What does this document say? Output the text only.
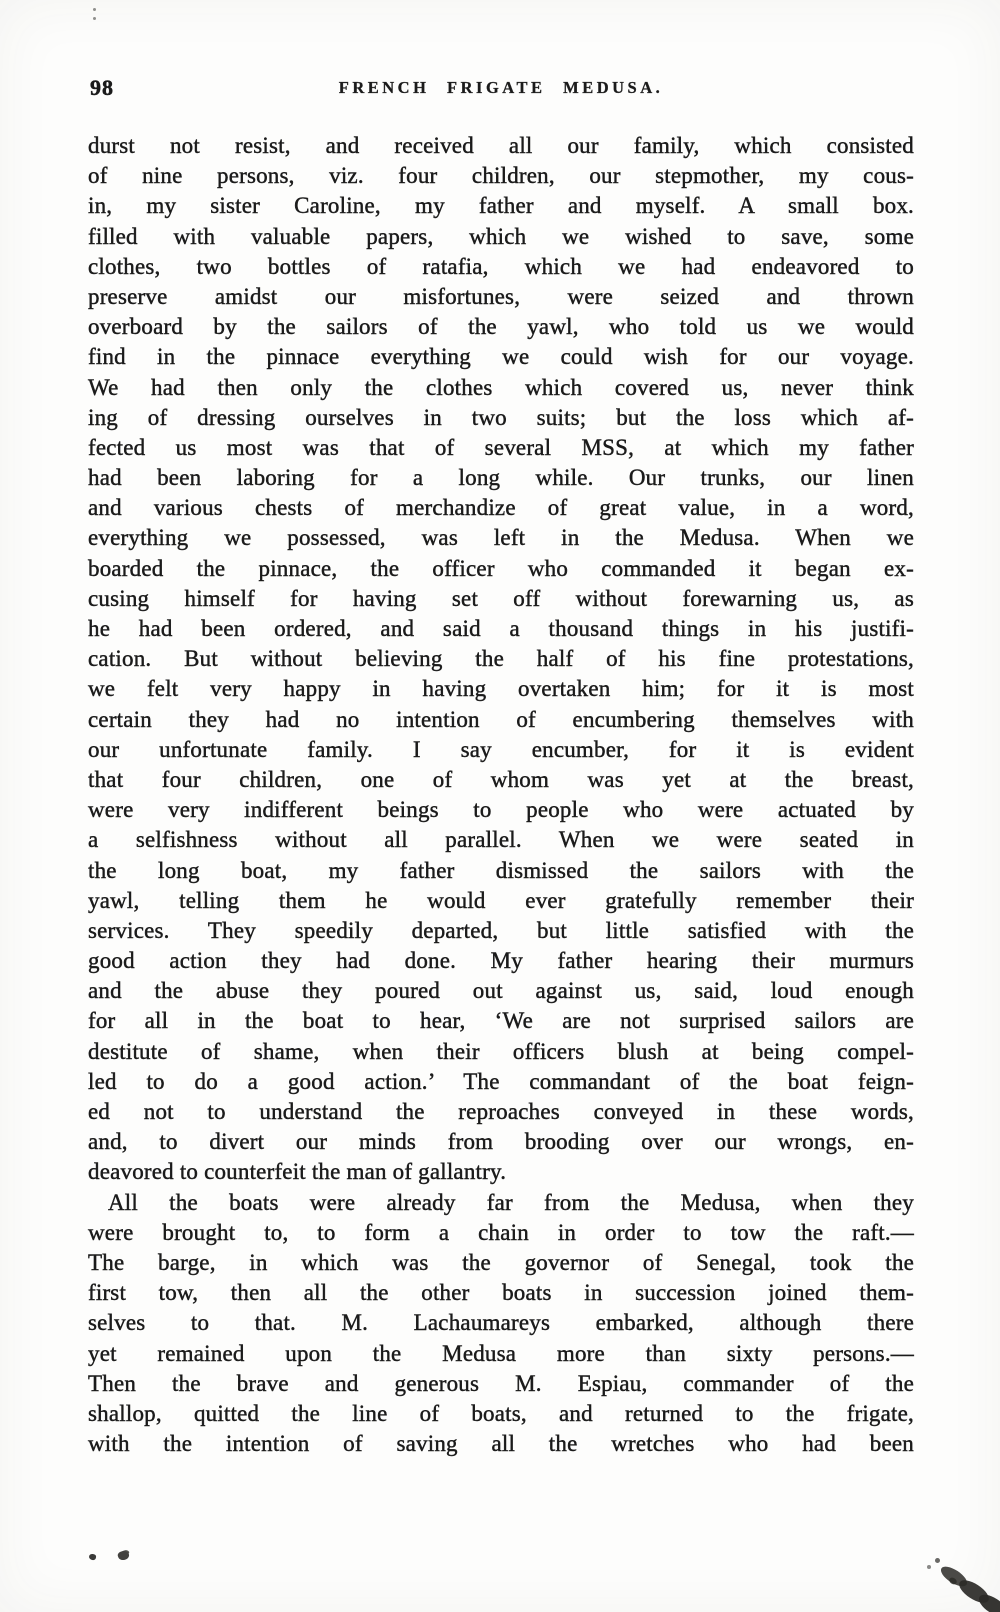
98	FRENCH FRIGATE MEDUSA.
durst not resist, and received all our family, which consisted
of nine persons, viz. four children, our stepmother, my cous-
in, my sister Caroline, my father and myself. A small box.
filled with valuable papers, which we wished to save, some
clothes, two bottles of ratafia, which we had endeavored to
preserve amidst our misfortunes, were seized and thrown
overboard by the sailors of the yawl, who told us we would
find in the pinnace everything we could wish for our voyage.
We had then only the clothes which covered us, never think
ing of dressing ourselves in two suits; but the loss which af-
fected us most was that of several MSS, at which my father
had been laboring for a long while. Our trunks, our linen
and various chests of merchandize of great value, in a word,
everything we possessed, was left in the Medusa. When we
boarded the pinnace, the officer who commanded it began ex-
cusing himself for having set off without forewarning us, as
he had been ordered, and said a thousand things in his justifi-
cation. But without believing the half of his fine protestations,
we felt very happy in having overtaken him; for it is most
certain they had no intention of encumbering themselves with
our unfortunate family. I say encumber, for it is evident
that four children, one of whom was yet at the breast,
were very indifferent beings to people who were actuated by
a selfishness without all parallel. When we were seated in
the long boat, my father dismissed the sailors with the
yawl, telling them he would ever gratefully remember their
services. They speedily departed, but little satisfied with the
good action they had done. My father hearing their murmurs
and the abuse they poured out against us, said, loud enough
for all in the boat to hear, ‘We are not surprised sailors are
destitute of shame, when their officers blush at being compel-
led to do a good action.’ The commandant of the boat feign-
ed not to understand the reproaches conveyed in these words,
and, to divert our minds from brooding over our wrongs, en-
deavored to counterfeit the man of gallantry.
All the boats were already far from the Medusa, when they
were brought to, to form a chain in order to tow the raft.—
The barge, in which was the governor of Senegal, took the
first tow, then all the other boats in succession joined them-
selves to that. M. Lachaumareys embarked, although there
yet remained upon the Medusa more than sixty persons.—
Then the brave and generous M. Espiau, commander of the
shallop, quitted the line of boats, and returned to the frigate,
with the intention of saving all the wretches who had been
